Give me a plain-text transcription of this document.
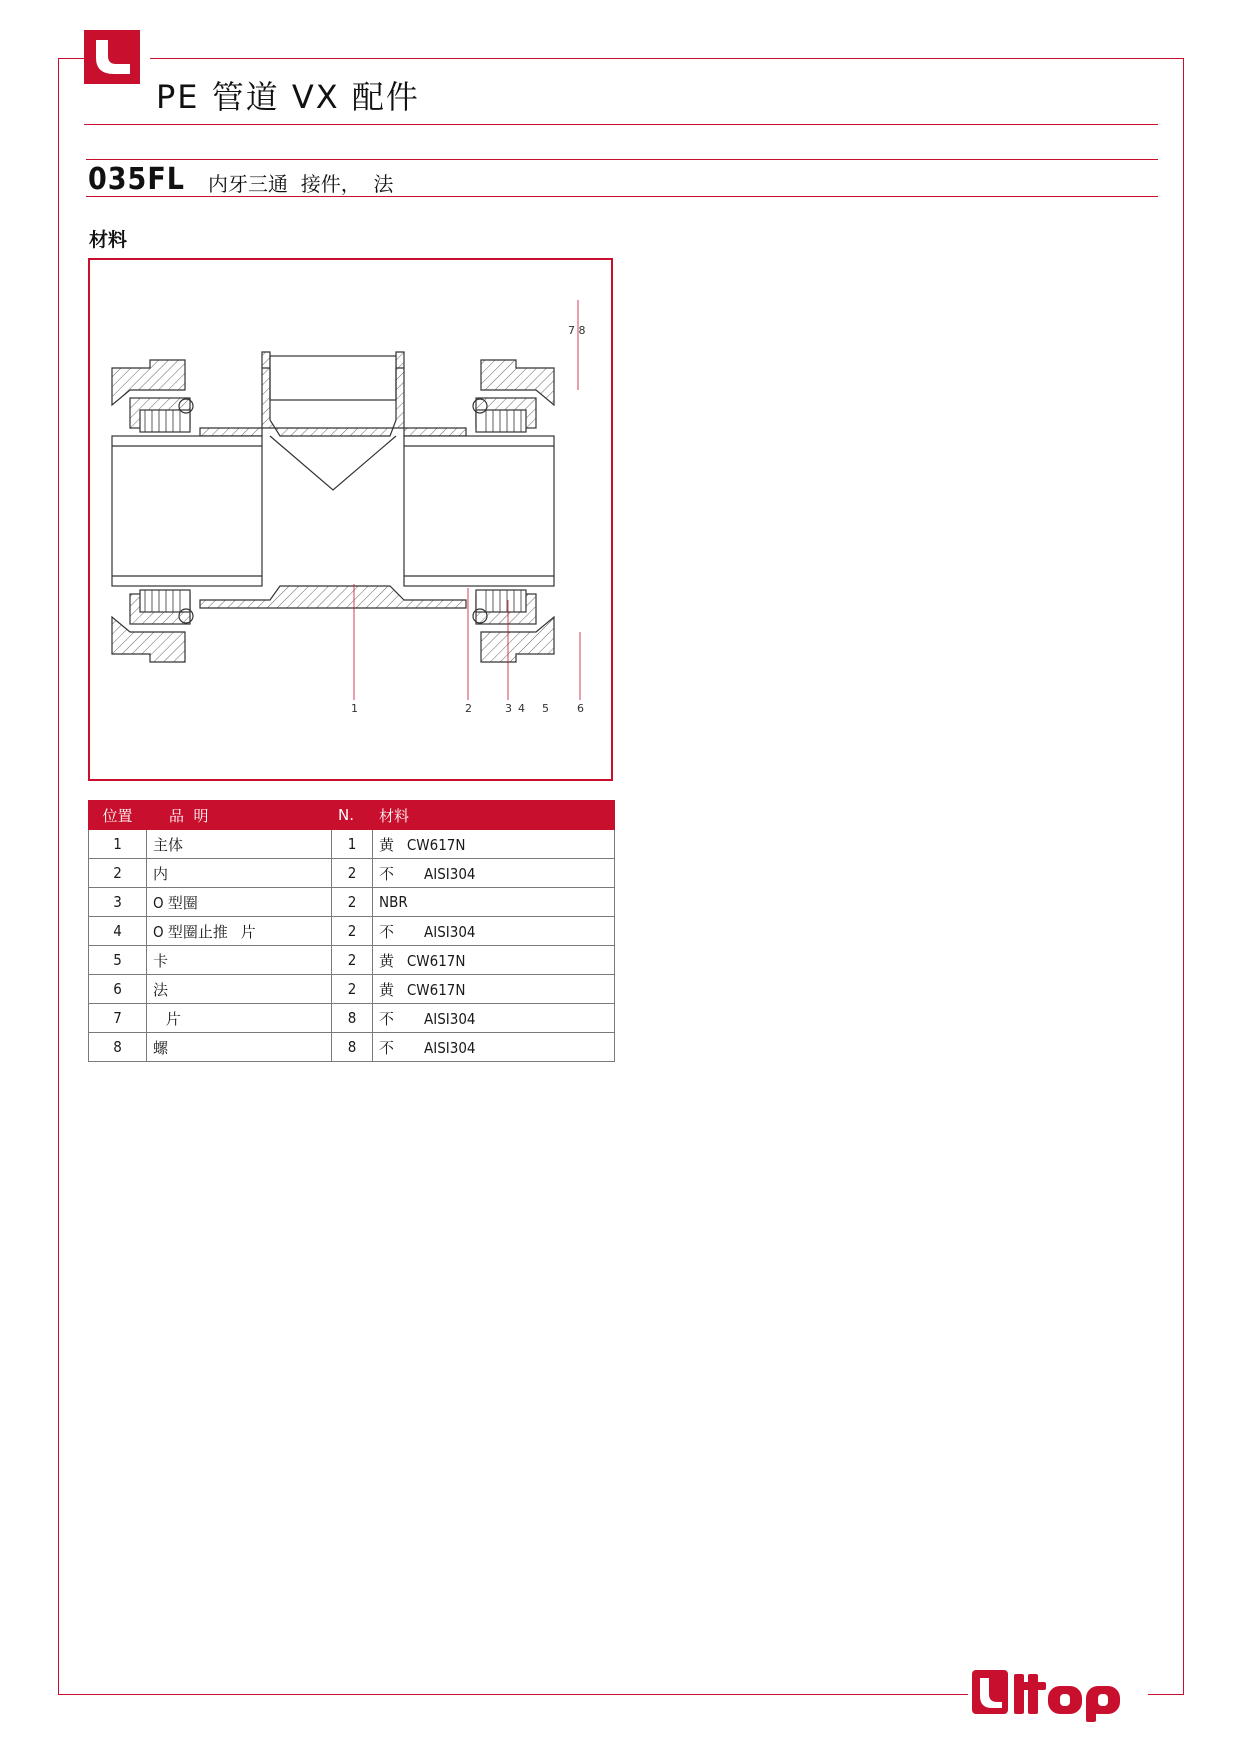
PE 管道 VX 配件
035FL 内牙三通  接件，  法
材料
1	2	3 4 5	6
7 8
位置	品  明	N.	材料
1	主体	1	黄   CW617N
2	内	2	不       AISI304
3	O 型圈	2	NBR
4	O 型圈止推   片	2	不       AISI304
5	卡	2	黄   CW617N
6	法	2	黄   CW617N
7	片	8	不       AISI304
8	螺	8	不       AISI304
